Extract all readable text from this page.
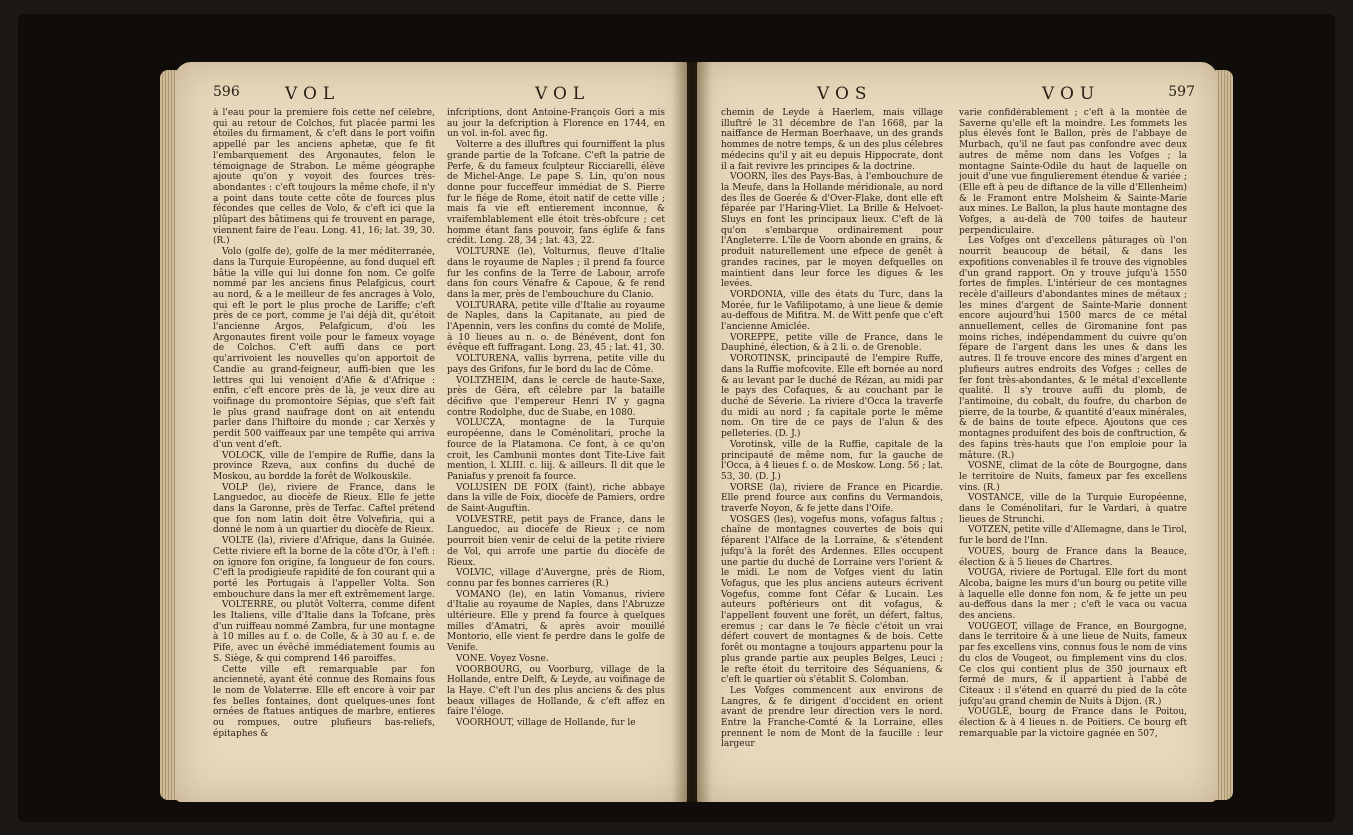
596	VOL	VOL

à l'eau pour la premiere fois cette nef célebre, qui au retour de Colchos, fut placée parmi les étoiles du firmament, & c'eft dans le port voifin appellé par les anciens aphetæ, que fe fit l'embarquement des Argonautes, felon le témoignage de Strabon. Le même géographe ajoute qu'on y voyoit des fources très-abondantes : c'eft toujours la même chofe, il n'y a point dans toute cette côte de fources plus fécondes que celles de Volo, & c'eft ici que la plûpart des bâtimens qui fe trouvent en parage, viennent faire de l'eau. Long. 41, 16; lat. 39, 30. (R.)

Volo (golfe de), golfe de la mer méditerranée, dans la Turquie Européenne, au fond duquel eft bâtie la ville qui lui donne fon nom. Ce golfe nommé par les anciens finus Pelafgicus, court au nord, & a le meilleur de fes ancrages à Volo, qui eft le port le plus proche de Lariffe; c'eft près de ce port, comme je l'ai déjà dit, qu'étoit l'ancienne Argos, Pelafgicum, d'où les Argonautes firent voile pour le fameux voyage de Colchos. C'eft auffi dans ce port qu'arrivoient les nouvelles qu'on apportoit de Candie au grand-feigneur, auffi-bien que les lettres qui lui venoient d'Afie & d'Afrique : enfin, c'eft encore près de là, je veux dire au voifinage du promontoire Sépias, que s'eft fait le plus grand naufrage dont on ait entendu parler dans l'hiftoire du monde ; car Xerxès y perdit 500 vaiffeaux par une tempête qui arriva d'un vent d'eft.

VOLOCK, ville de l'empire de Ruffie, dans la province Rzeva, aux confins du duché de Moskou, au bordde la forêt de Wolkouskile.

VOLP (le), riviere de France, dans le Languedoc, au diocèfe de Rieux. Elle fe jette dans la Garonne, près de Terfac. Caftel prétend que fon nom latin doit être Volvefiria, qui a donné le nom à un quartier du diocèfe de Rieux.

VOLTE (la), riviere d'Afrique, dans la Guinée. Cette riviere eft la borne de la côte d'Or, à l'eft : on ignore fon origine, fa longueur de fon cours. C'eft la prodigieufe rapidité de fon courant qui a porté les Portugais à l'appeller Volta. Son embouchure dans la mer eft extrêmement large.

VOLTERRE, ou plutôt Volterra, comme difent les Italiens, ville d'Italie dans la Tofcane, près d'un ruiffeau nommé Zambra, fur une montagne à 10 milles au f. o. de Colle, & à 30 au f. e. de Pife, avec un évêché immédiatement foumis au S. Siège, & qui comprend 146 paroiffes.

Cette ville eft remarquable par fon ancienneté, ayant été connue des Romains fous le nom de Volaterræ. Elle eft encore à voir par fes belles fontaines, dont quelques-unes font ornées de ftatues antiques de marbre, entieres ou rompues, outre plufieurs bas-reliefs, épitaphes &

infcriptions, dont Antoine-François Gori a mis au jour la defcription à Florence en 1744, en un vol. in-fol. avec fig.

Volterre a des illuftres qui fourniffent la plus grande partie de la Tofcane. C'eft la patrie de Perfe, & du fameux fculpteur Ricciarelli, élève de Michel-Ange. Le pape S. Lin, qu'on nous donne pour fucceffeur immédiat de S. Pierre fur le fiége de Rome, étoit natif de cette ville ; mais fa vie eft entierement inconnue, & vraifemblablement elle étoit très-obfcure ; cet homme étant fans pouvoir, fans églife & fans crédit. Long. 28, 34 ; lat. 43, 22.

VOLTURNE (le), Volturnus, fleuve d'Italie dans le royaume de Naples ; il prend fa fource fur les confins de la Terre de Labour, arrofe dans fon cours Vénafre & Capoue, & fe rend dans la mer, près de l'embouchure du Clanio.

VOLTURARA, petite ville d'Italie au royaume de Naples, dans la Capitanate, au pied de l'Apennin, vers les confins du comté de Molife, à 10 lieues au n. o. de Bénévent, dont fon évêque eft fuffragant. Long. 23, 45 ; lat. 41, 30.

VOLTURENA, vallis byrrena, petite ville du pays des Grifons, fur le bord du lac de Côme.

VOLTZHEIM, dans le cercle de haute-Saxe, près de Géra, eft célebre par la bataille décifive que l'empereur Henri IV y gagna contre Rodolphe, duc de Suabe, en 1080.

VOLUCZA, montagne de la Turquie européenne, dans le Coménolitari, proche la fource de la Platamona. Ce font, à ce qu'on croit, les Cambunii montes dont Tite-Live fait mention, l. XLIII. c. liij. & ailleurs. Il dit que le Paniafus y prenoit fa fource.

VOLUSIEN DE FOIX (faint), riche abbaye dans la ville de Foix, diocèfe de Pamiers, ordre de Saint-Auguftin.

VOLVESTRE, petit pays de France, dans le Languedoc, au diocèfe de Rieux ; ce nom pourroit bien venir de celui de la petite riviere de Vol, qui arrofe une partie du diocèfe de Rieux.

VOLVIC, village d'Auvergne, près de Riom, connu par fes bonnes carrieres (R.)

VOMANO (le), en latin Vomanus, riviere d'Italie au royaume de Naples, dans l'Abruzze ultérieure. Elle y prend fa fource à quelques milles d'Amatri, & après avoir mouillé Montorio, elle vient fe perdre dans le golfe de Venife.

VONE. Voyez Vosne.

VOORBOURG, ou Voorburg, village de la Hollande, entre Delft, & Leyde, au voifinage de la Haye. C'eft l'un des plus anciens & des plus beaux villages de Hollande, & c'eft affez en faire l'éloge.

VOORHOUT, village de Hollande, fur le

VOS	VOU	597

chemin de Leyde à Haerlem, mais village illuftré le 31 décembre de l'an 1668, par la naiffance de Herman Boerhaave, un des grands hommes de notre temps, & un des plus célebres médecins qu'il y ait eu depuis Hippocrate, dont il a fait revivre les principes & la doctrine.

VOORN, îles des Pays-Bas, à l'embouchure de la Meufe, dans la Hollande méridionale, au nord des îles de Goerée & d'Over-Flake, dont elle eft féparée par l'Haring-Vliet. La Brille & Helvoet-Sluys en font les principaux lieux. C'eft de là qu'on s'embarque ordinairement pour l'Angleterre. L'île de Voorn abonde en grains, & produit naturellement une efpece de genêt à grandes racines, par le moyen defquelles on maintient dans leur force les digues & les levées.

VORDONIA, ville des états du Turc, dans la Morée, fur le Vafilipotamo, à une lieue & demie au-deffous de Mifitra. M. de Witt penfe que c'eft l'ancienne Amiclée.

VOREPPE, petite ville de France, dans le Dauphiné, élection, & à 2 li. o. de Grenoble.

VOROTINSK, principauté de l'empire Ruffe, dans la Ruffie mofcovite. Elle eft bornée au nord & au levant par le duché de Rézan, au midi par le pays des Cofaques, & au couchant par le duché de Séverie. La riviere d'Occa la traverfe du midi au nord ; fa capitale porte le même nom. On tire de ce pays de l'alun & des pelleteries. (D. J.)

Vorotinsk, ville de la Ruffie, capitale de la principauté de même nom, fur la gauche de l'Occa, à 4 lieues f. o. de Moskow. Long. 56 ; lat. 53, 30. (D. J.)

VORSE (la), riviere de France en Picardie. Elle prend fource aux confins du Vermandois, traverfe Noyon, & fe jette dans l'Oife.

VOSGES (les), vogefus mons, vofagus faltus ; chaîne de montagnes couvertes de bois qui féparent l'Alface de la Lorraine, & s'étendent jufqu'à la forêt des Ardennes. Elles occupent une partie du duché de Lorraine vers l'orient & le midi. Le nom de Vofges vient du latin Vofagus, que les plus anciens auteurs écrivent Vogefus, comme font Céfar & Lucain. Les auteurs poftérieurs ont dit vofagus, & l'appellent fouvent une forêt, un défert, faltus, eremus ; car dans le 7e fiècle c'étoit un vrai défert couvert de montagnes & de bois. Cette forêt ou montagne a toujours appartenu pour la plus grande partie aux peuples Belges, Leuci ; le refte étoit du territoire des Séquaniens, & c'eft le quartier où s'établit S. Colomban.

Les Vofges commencent aux environs de Langres, & fe dirigent d'occident en orient avant de prendre leur direction vers le nord. Entre la Franche-Comté & la Lorraine, elles prennent le nom de Mont de la faucille : leur largeur

varie confidérablement ; c'eft à la montée de Saverne qu'elle eft la moindre. Les fommets les plus élevés font le Ballon, près de l'abbaye de Murbach, qu'il ne faut pas confondre avec deux autres de même nom dans les Vofges ; la montagne Sainte-Odile du haut de laquelle on jouit d'une vue fingulierement étendue & variée ; (Elle eft à peu de diftance de la ville d'Ellenheim) & le Framont entre Molsheim & Sainte-Marie aux mines. Le Ballon, la plus haute montagne des Vofges, a au-delà de 700 toifes de hauteur perpendiculaire.

Les Vofges ont d'excellens pâturages où l'on nourrit beaucoup de bétail, & dans les expofitions convenables il fe trouve des vignobles d'un grand rapport. On y trouve jufqu'à 1550 fortes de fimples. L'intérieur de ces montagnes recèle d'ailleurs d'abondantes mines de métaux ; les mines d'argent de Sainte-Marie donnent encore aujourd'hui 1500 marcs de ce métal annuellement, celles de Giromanine font pas moins riches, indépendamment du cuivre qu'on fépare de l'argent dans les unes & dans les autres. Il fe trouve encore des mines d'argent en plufieurs autres endroits des Vofges ; celles de fer font très-abondantes, & le métal d'excellente qualité. Il s'y trouve auffi du plomb, de l'antimoine, du cobalt, du foufre, du charbon de pierre, de la tourbe, & quantité d'eaux minérales, & de bains de toute efpece. Ajoutons que ces montagnes produifent des bois de conftruction, & des fapins très-hauts que l'on emploie pour la mâture. (R.)

VOSNE, climat de la côte de Bourgogne, dans le territoire de Nuits, fameux par fes excellens vins. (R.)

VOSTANCE, ville de la Turquie Européenne, dans le Coménolitari, fur le Vardari, à quatre lieues de Strunchi.

VOTZEN, petite ville d'Allemagne, dans le Tirol, fur le bord de l'Inn.

VOUES, bourg de France dans la Beauce, élection & à 5 lieues de Chartres.

VOUGA, riviere de Portugal. Elle fort du mont Alcoba, baigne les murs d'un bourg ou petite ville à laquelle elle donne fon nom, & fe jette un peu au-deffous dans la mer ; c'eft le vaca ou vacua des anciens.

VOUGEOT, village de France, en Bourgogne, dans le territoire & à une lieue de Nuits, fameux par fes excellens vins, connus fous le nom de vins du clos de Vougeot, ou fimplement vins du clos. Ce clos qui contient plus de 350 journaux eft fermé de murs, & il appartient à l'abbé de Citeaux : il s'étend en quarré du pied de la côte jufqu'au grand chemin de Nuits à Dijon. (R.)

VOUGLÉ, bourg de France dans le Poitou, élection & à 4 lieues n. de Poitiers. Ce bourg eft remarquable par la victoire gagnée en 507,
